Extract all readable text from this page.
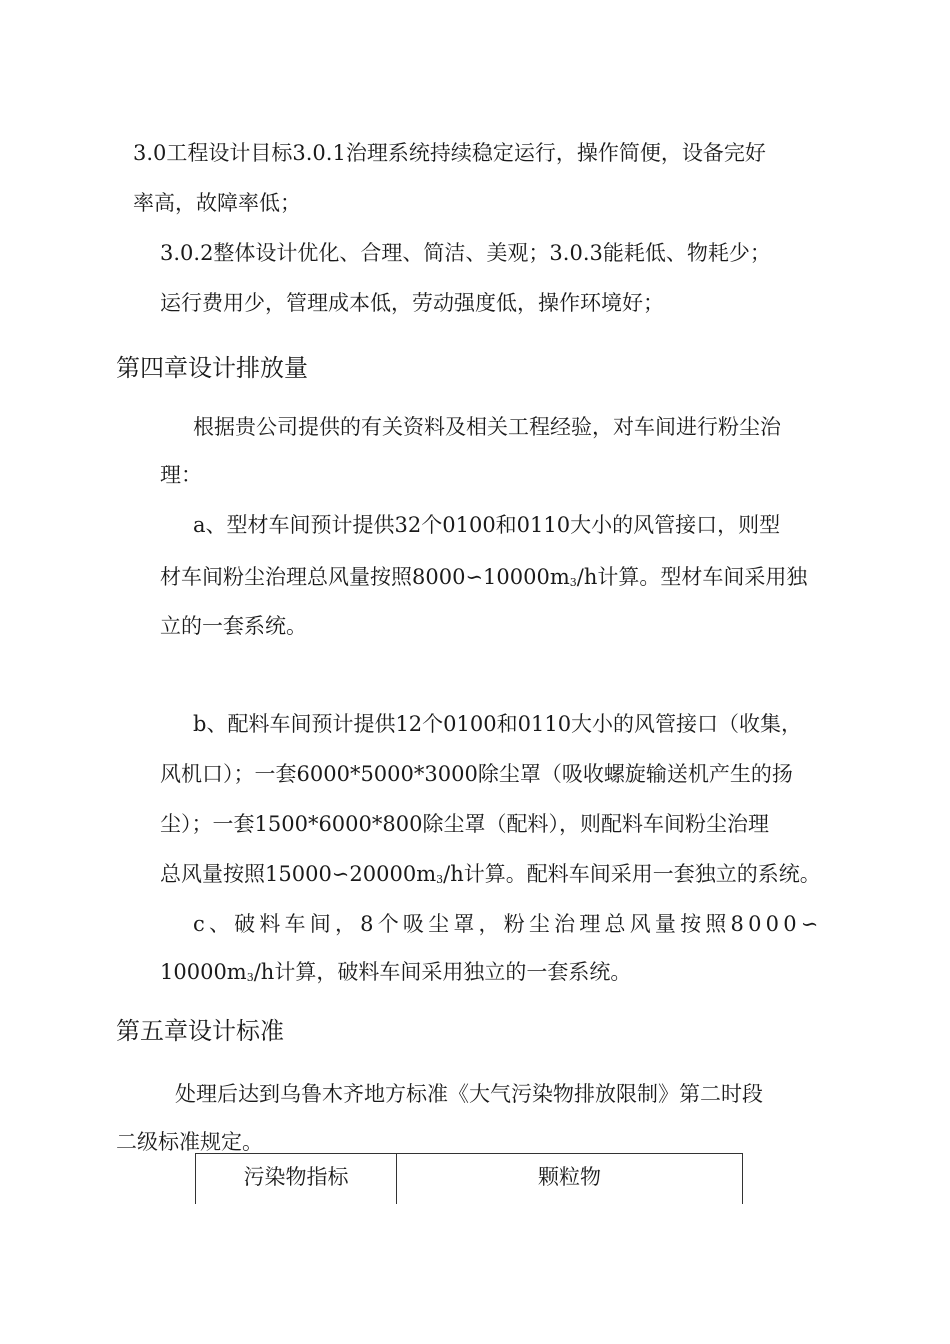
3.0工程设计目标3.0.1治理系统持续稳定运行，操作简便，设备完好
率高，故障率低；
3.0.2整体设计优化、合理、简洁、美观；3.0.3能耗低、物耗少；
运行费用少，管理成本低，劳动强度低，操作环境好；
第四章设计排放量
根据贵公司提供的有关资料及相关工程经验，对车间进行粉尘治
理：
a、型材车间预计提供32个0100和0110大小的风管接口，则型
材车间粉尘治理总风量按照$8000∽10000m_3/h$计算。型材车间采用独
立的一套系统。
b、配料车间预计提供12个0100和0110大小的风管接口（收集，
风机口）；一套6000*5000*3000除尘罩（吸收螺旋输送机产生的扬
尘）；一套1500*6000*800除尘罩（配料），则配料车间粉尘治理
总风量按照$15000∽20000m_3/h$计算。配料车间采用一套独立的系统。
c、破料车间，8个吸尘罩，粉尘治理总风量按照8000∽
$10000m_3/h$计算，破料车间采用独立的一套系统。
第五章设计标准
处理后达到乌鲁木齐地方标准《大气污染物排放限制》第二时段
二级标准规定。
污染物指标	颗粒物
